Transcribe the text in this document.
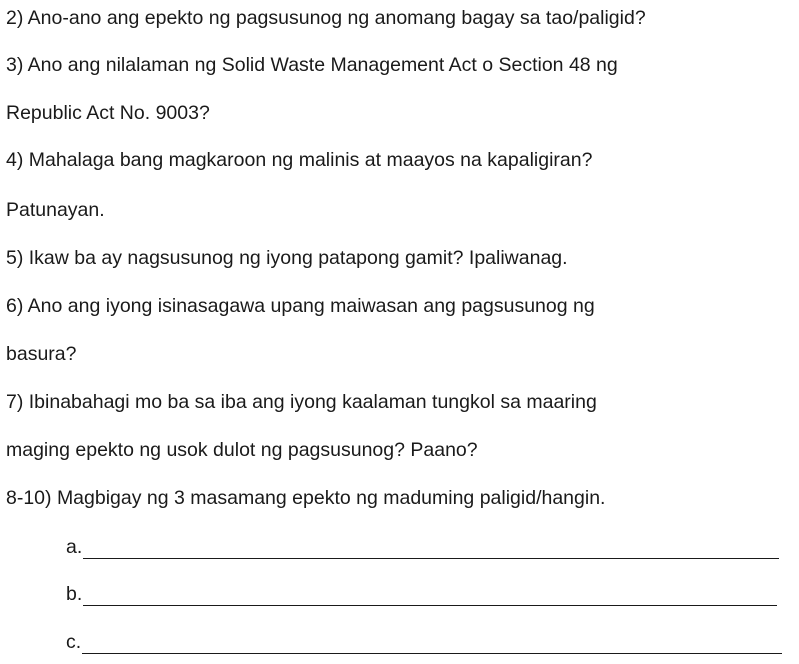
2) Ano-ano ang epekto ng pagsusunog ng anomang bagay sa tao/paligid?
3) Ano ang nilalaman ng Solid Waste Management Act o Section 48 ng
Republic Act No. 9003?
4) Mahalaga bang magkaroon ng malinis at maayos na kapaligiran?
Patunayan.
5) Ikaw ba ay nagsusunog ng iyong patapong gamit? Ipaliwanag.
6) Ano ang iyong isinasagawa upang maiwasan ang pagsusunog ng
basura?
7) Ibinabahagi mo ba sa iba ang iyong kaalaman tungkol sa maaring
maging epekto ng usok dulot ng pagsusunog? Paano?
8-10) Magbigay ng 3 masamang epekto ng maduming paligid/hangin.
a.
b.
c.
